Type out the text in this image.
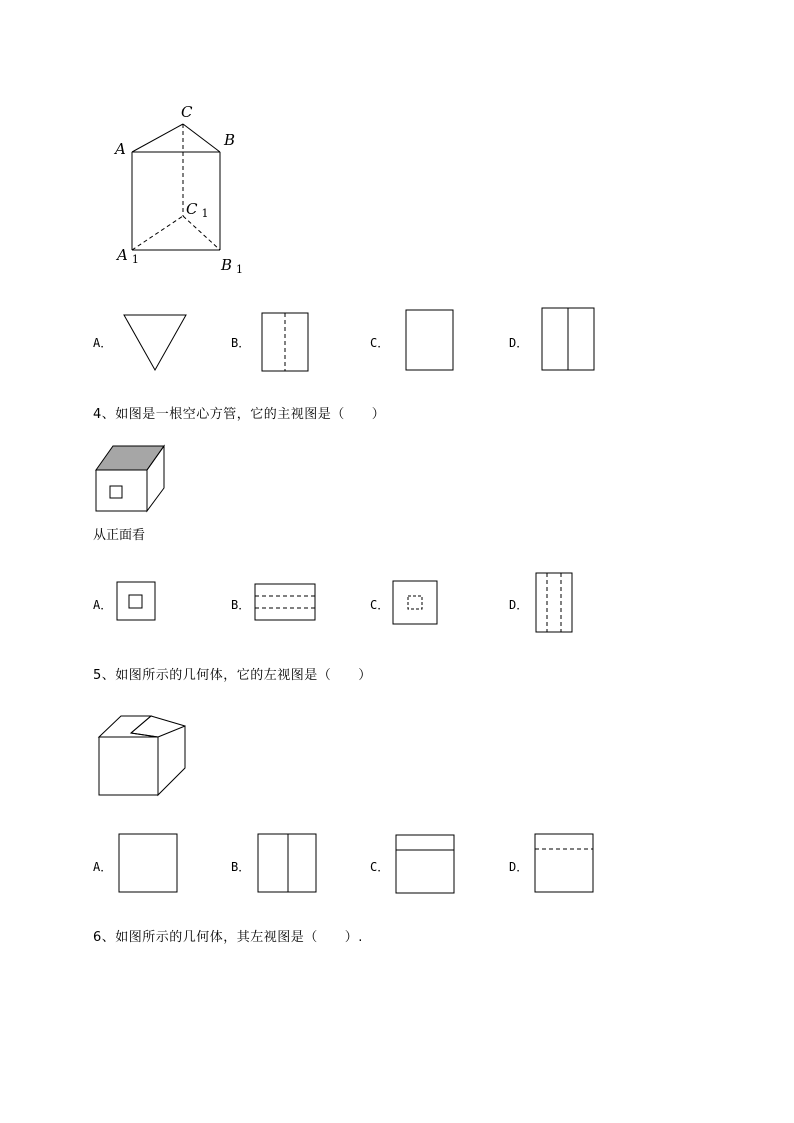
C
A	B
C $_1$
A $_1$	B $_1$
A．	B．	C．	D．
4、如图是一根空心方管，它的主视图是（　　）
从正面看
A．	B．	C．	D．
5、如图所示的几何体，它的左视图是（　　）
A．	B．	C．	D．
6、如图所示的几何体，其左视图是（　　）.
